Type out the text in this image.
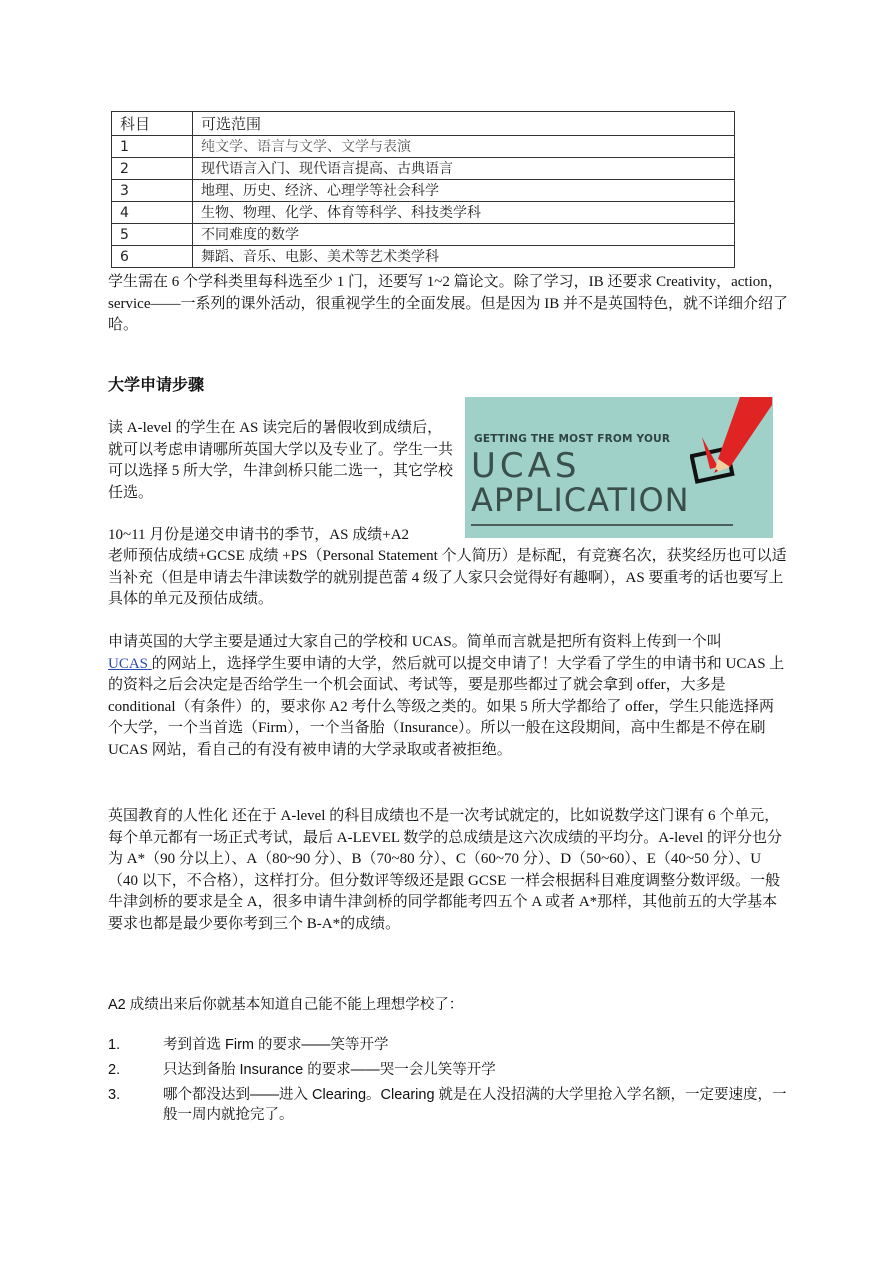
科目	可选范围
1	纯文学、语言与文学、文学与表演
2	现代语言入门、现代语言提高、古典语言
3	地理、历史、经济、心理学等社会科学
4	生物、物理、化学、体育等科学、科技类学科
5	不同难度的数学
6	舞蹈、音乐、电影、美术等艺术类学科
学生需在 6 个学科类里每科选至少 1 门，还要写 1~2 篇论文。除了学习，IB 还要求 Creativity，action，service——一系列的课外活动，很重视学生的全面发展。但是因为 IB 并不是英国特色，就不详细介绍了哈。
大学申请步骤
读 A-level 的学生在 AS 读完后的暑假收到成绩后，就可以考虑申请哪所英国大学以及专业了。学生一共可以选择 5 所大学，牛津剑桥只能二选一，其它学校任选。
GETTING THE MOST FROM YOUR
UCAS
APPLICATION
10~11 月份是递交申请书的季节，AS 成绩+A2
老师预估成绩+GCSE 成绩 +PS（Personal Statement 个人简历）是标配，有竞赛名次，获奖经历也可以适当补充（但是申请去牛津读数学的就别提芭蕾 4 级了人家只会觉得好有趣啊），AS 要重考的话也要写上具体的单元及预估成绩。
申请英国的大学主要是通过大家自己的学校和 UCAS。简单而言就是把所有资料上传到一个叫
UCAS 的网站上，选择学生要申请的大学，然后就可以提交申请了！大学看了学生的申请书和 UCAS 上的资料之后会决定是否给学生一个机会面试、考试等，要是那些都过了就会拿到 offer，大多是 conditional（有条件）的，要求你 A2 考什么等级之类的。如果 5 所大学都给了 offer，学生只能选择两个大学，一个当首选（Firm），一个当备胎（Insurance）。所以一般在这段期间，高中生都是不停在刷 UCAS 网站，看自己的有没有被申请的大学录取或者被拒绝。
英国教育的人性化 还在于 A-level 的科目成绩也不是一次考试就定的，比如说数学这门课有 6 个单元，每个单元都有一场正式考试，最后 A-LEVEL 数学的总成绩是这六次成绩的平均分。A-level 的评分也分为 A*（90 分以上）、A（80~90 分）、B（70~80 分）、C（60~70 分）、D（50~60）、E（40~50 分）、U（40 以下，不合格），这样打分。但分数评等级还是跟 GCSE 一样会根据科目难度调整分数评级。一般牛津剑桥的要求是全 A，很多申请牛津剑桥的同学都能考四五个 A 或者 A*那样，其他前五的大学基本要求也都是最少要你考到三个 B-A*的成绩。
A2 成绩出来后你就基本知道自己能不能上理想学校了：
1.	考到首选 Firm 的要求——笑等开学
2.	只达到备胎 Insurance 的要求——哭一会儿笑等开学
3.	哪个都没达到——进入 Clearing。Clearing 就是在人没招满的大学里抢入学名额，一定要速度，一般一周内就抢完了。
